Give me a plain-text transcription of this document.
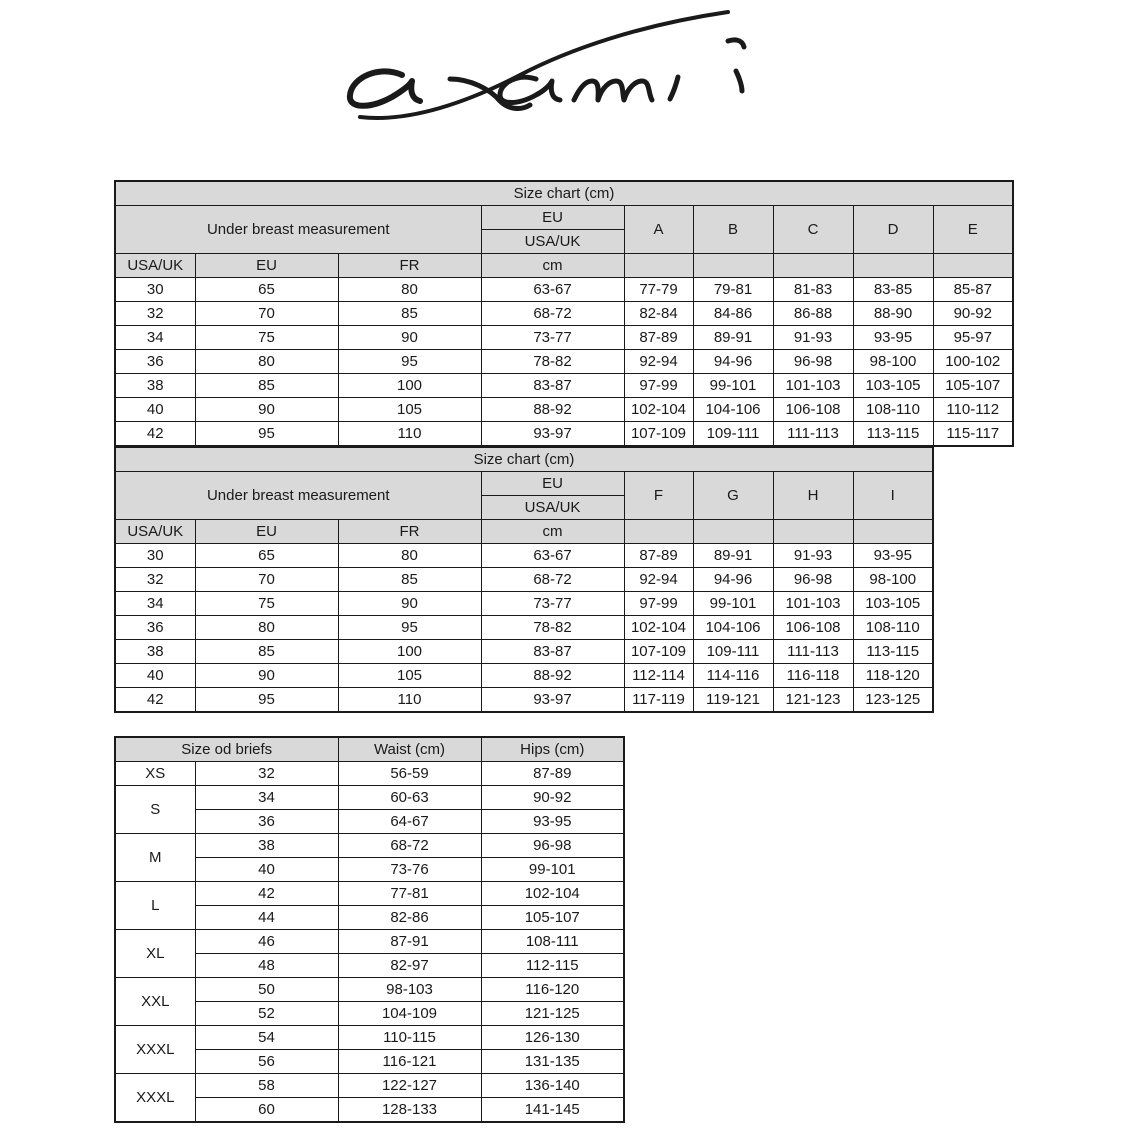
Size chart (cm)								
Under breast measurement			EU	A	B	C	D	E
			USA/UK					
USA/UK	EU	FR	cm					
30	65	80	63-67	77-79	79-81	81-83	83-85	85-87
32	70	85	68-72	82-84	84-86	86-88	88-90	90-92
34	75	90	73-77	87-89	89-91	91-93	93-95	95-97
36	80	95	78-82	92-94	94-96	96-98	98-100	100-102
38	85	100	83-87	97-99	99-101	101-103	103-105	105-107
40	90	105	88-92	102-104	104-106	106-108	108-110	110-112
42	95	110	93-97	107-109	109-111	111-113	113-115	115-117
Size chart (cm)							
Under breast measurement			EU	F	G	H	I
			USA/UK				
USA/UK	EU	FR	cm				
30	65	80	63-67	87-89	89-91	91-93	93-95
32	70	85	68-72	92-94	94-96	96-98	98-100
34	75	90	73-77	97-99	99-101	101-103	103-105
36	80	95	78-82	102-104	104-106	106-108	108-110
38	85	100	83-87	107-109	109-111	111-113	113-115
40	90	105	88-92	112-114	114-116	116-118	118-120
42	95	110	93-97	117-119	119-121	121-123	123-125
Size od briefs		Waist (cm)	Hips (cm)
XS	32	56-59	87-89
S	34	60-63	90-92
	36	64-67	93-95
M	38	68-72	96-98
	40	73-76	99-101
L	42	77-81	102-104
	44	82-86	105-107
XL	46	87-91	108-111
	48	82-97	112-115
XXL	50	98-103	116-120
	52	104-109	121-125
XXXL	54	110-115	126-130
	56	116-121	131-135
XXXL	58	122-127	136-140
	60	128-133	141-145
